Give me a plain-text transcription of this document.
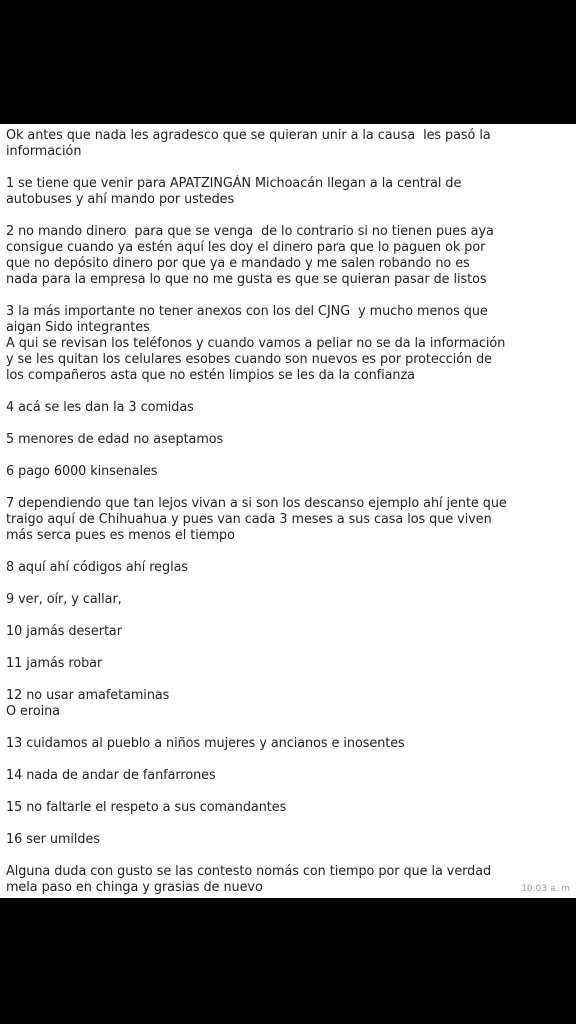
Ok antes que nada les agradesco que se quieran unir a la causa  les pasó la
información

1 se tiene que venir para APATZINGÁN Michoacán llegan a la central de
autobuses y ahí mando por ustedes

2 no mando dinero  para que se venga  de lo contrario si no tienen pues aya
consigue cuando ya estén aquí les doy el dinero para que lo paguen ok por
que no depósito dinero por que ya e mandado y me salen robando no es
nada para la empresa lo que no me gusta es que se quieran pasar de listos

3 la más importante no tener anexos con los del CJNG  y mucho menos que
aigan Sido integrantes
A qui se revisan los teléfonos y cuando vamos a peliar no se da la información
y se les quitan los celulares esobes cuando son nuevos es por protección de
los compañeros asta que no estén limpios se les da la confianza

4 acá se les dan la 3 comidas

5 menores de edad no aseptamos

6 pago 6000 kinsenales

7 dependiendo que tan lejos vivan a si son los descanso ejemplo ahí jente que
traigo aquí de Chihuahua y pues van cada 3 meses a sus casa los que viven
más serca pues es menos el tiempo

8 aquí ahí códigos ahí reglas

9 ver, oír, y callar,

10 jamás desertar

11 jamás robar

12 no usar amafetaminas
O eroina

13 cuidamos al pueblo a niños mujeres y ancianos e inosentes

14 nada de andar de fanfarrones

15 no faltarle el respeto a sus comandantes

16 ser umildes

Alguna duda con gusto se las contesto nomás con tiempo por que la verdad
mela paso en chinga y grasias de nuevo	10:03 a. m
